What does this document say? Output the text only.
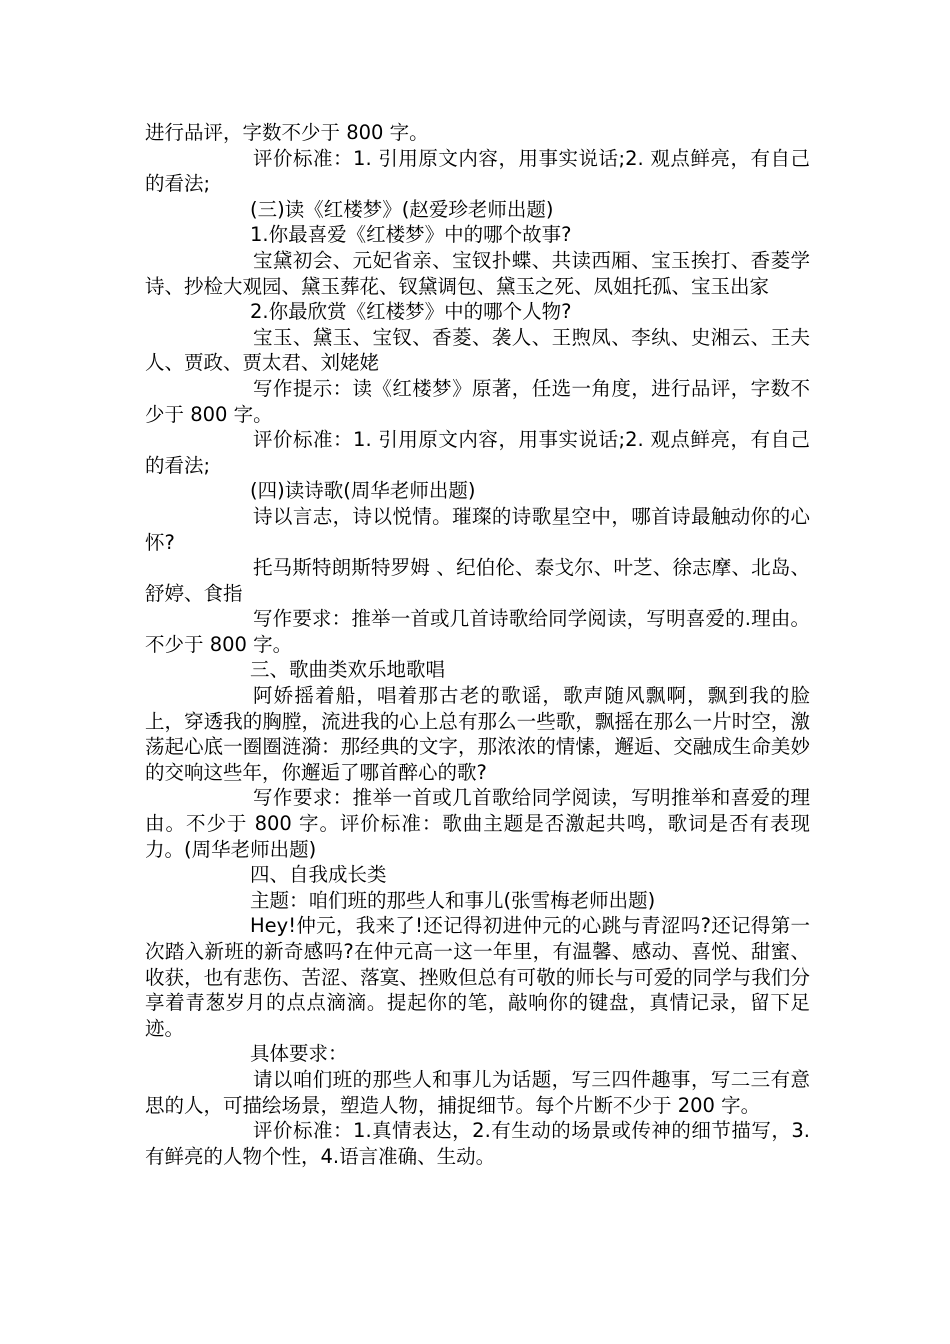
进行品评，字数不少于 800 字。

评价标准：1. 引用原文内容，用事实说话;2. 观点鲜亮，有自己的看法;

(三)读《红楼梦》(赵爱珍老师出题)

1.你最喜爱《红楼梦》中的哪个故事?

宝黛初会、元妃省亲、宝钗扑蝶、共读西厢、宝玉挨打、香菱学诗、抄检大观园、黛玉葬花、钗黛调包、黛玉之死、凤姐托孤、宝玉出家

2.你最欣赏《红楼梦》中的哪个人物?

宝玉、黛玉、宝钗、香菱、袭人、王煦凤、李纨、史湘云、王夫人、贾政、贾太君、刘姥姥

写作提示：读《红楼梦》原著，任选一角度，进行品评，字数不少于 800 字。

评价标准：1. 引用原文内容，用事实说话;2. 观点鲜亮，有自己的看法;

(四)读诗歌(周华老师出题)

诗以言志，诗以悦情。璀璨的诗歌星空中，哪首诗最触动你的心怀?

托马斯特朗斯特罗姆 、纪伯伦、泰戈尔、叶芝、徐志摩、北岛、舒婷、食指

写作要求：推举一首或几首诗歌给同学阅读，写明喜爱的.理由。不少于 800 字。

三、歌曲类欢乐地歌唱

阿娇摇着船，唱着那古老的歌谣，歌声随风飘啊，飘到我的脸上，穿透我的胸膛，流进我的心上总有那么一些歌，飘摇在那么一片时空，激荡起心底一圈圈涟漪：那经典的文字，那浓浓的情愫，邂逅、交融成生命美妙的交响这些年，你邂逅了哪首醉心的歌?

写作要求：推举一首或几首歌给同学阅读，写明推举和喜爱的理由。不少于 800 字。评价标准：歌曲主题是否激起共鸣，歌词是否有表现力。(周华老师出题)

四、自我成长类

主题：咱们班的那些人和事儿(张雪梅老师出题)

Hey!仲元，我来了!还记得初进仲元的心跳与青涩吗?还记得第一次踏入新班的新奇感吗?在仲元高一这一年里，有温馨、感动、喜悦、甜蜜、收获，也有悲伤、苦涩、落寞、挫败但总有可敬的师长与可爱的同学与我们分享着青葱岁月的点点滴滴。提起你的笔，敲响你的键盘，真情记录，留下足迹。

具体要求：

请以咱们班的那些人和事儿为话题，写三四件趣事，写二三有意思的人，可描绘场景，塑造人物，捕捉细节。每个片断不少于 200 字。

评价标准：1.真情表达，2.有生动的场景或传神的细节描写，3.有鲜亮的人物个性，4.语言准确、生动。
